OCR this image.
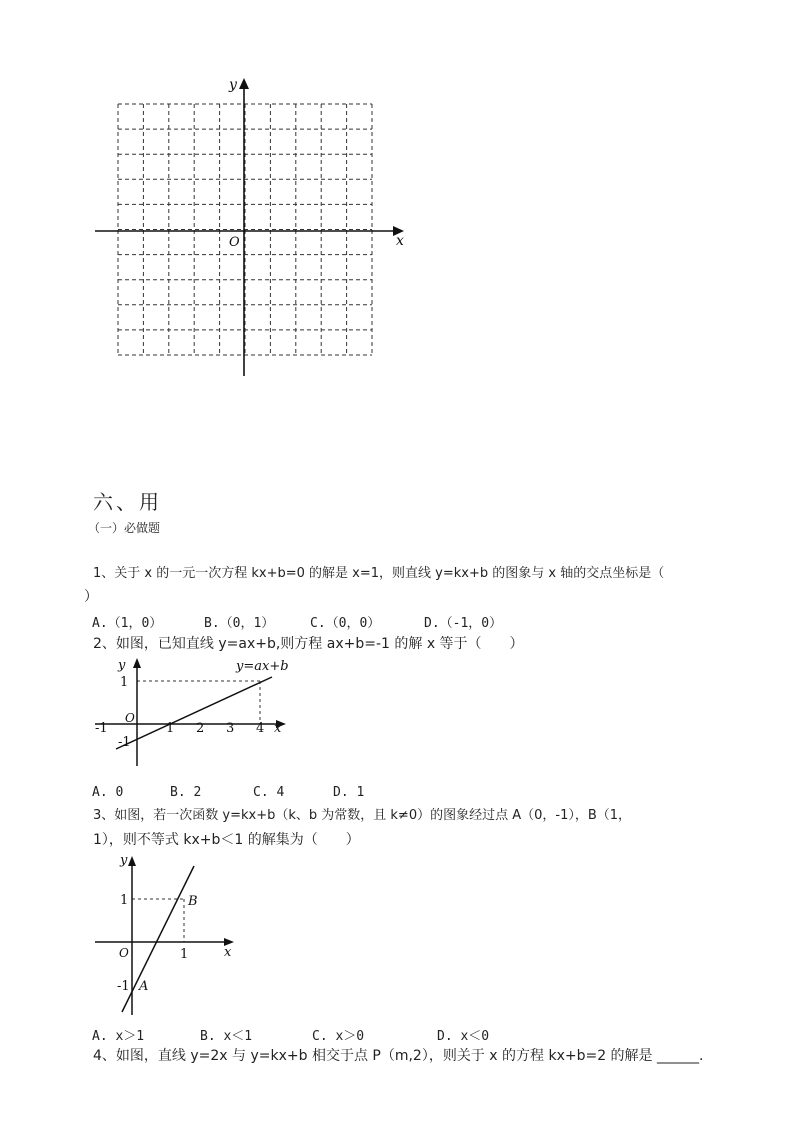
y
x
O
六、用
（一）必做题
1、关于 x 的一元一次方程 kx+b=0 的解是 x=1，则直线 y=kx+b 的图象与 x 轴的交点坐标是（
）
A.（1，0）	B.（0，1）	C.（0，0）	D.（-1，0）
2、如图，已知直线 y=ax+b,则方程 ax+b=-1 的解 x 等于（　　）
y=ax+b
y
x
O
1
-1
-1	1 2 3 4
A. 0	B. 2	C. 4	D. 1
3、如图，若一次函数 y=kx+b（k、b 为常数，且 k≠0）的图象经过点 A（0，-1），B（1，
1），则不等式 kx+b＜1 的解集为（　　）
y
x
O
1
-1
1
A
B
A. x＞1	B. x＜1	C. x＞0	D. x＜0
4、如图，直线 y=2x 与 y=kx+b 相交于点 P（m,2），则关于 x 的方程 kx+b=2 的解是 ______.
